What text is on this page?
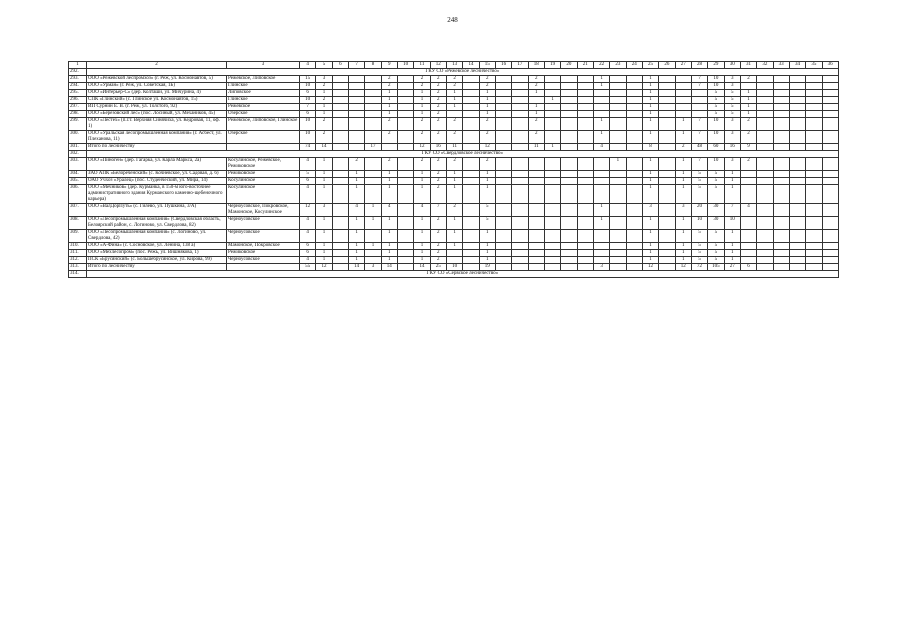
248
1	2	3	4	5	6	7	8	9	10	11	12	13	14	15	16	17	18	19	20	21	22	23	24	25	26	27	28	29	30	31	32	33	34	35	36
292.	ГКУ СО «Режевское лесничество»																																		
293.	ООО «Режевской леспромхоз» (г. Реж, ул. Космонавтов, 5)	Режевское, Липовское	15	3				2		2	2	2		2			2				1			1			7	10	3	2					
294.	ООО «Урман» (г. Реж, ул. Советская, 1Б)	Глинское	10	2				2		2	2	2		2			2				1			1			7	10	3						
295.	ООО «Интерьер-С» (дер. Колташи, ул. Мичурина, 4)	Липовское	6	1				1		1	2	1		1			1							1				5	5	1					
296.	СПК «Глинский» (с. Глинское ул. Космонавтов, 15)	Глинское	10	2				1		1	2	1		1				1						1				5	5	1					
297.	ИП Сурнин Е. В. (г. Реж, ул. Толстого, 92)	Режевское	7	1				1		1	2	1		1			1							1				5	5	1					
298.	ООО «Березовский лес» (пос. Лосиный, ул. Механиков, 45)	Озерское	6	1				1		1	2			1			1							1				5	5	1					
299.	ООО «Лестех» (п.г.т. Верхняя Синячиха, ул. Кедровая, 11, оф. 1)	Режевское, Липовское, Глинское	10	2				2		2	2	2		2			2				1			1		1	7	10	3	2					
300.	ООО «Уральская лесопромышленная компания» (г. Асбест, ул. Плеханова, 11)	Озерское	10	2				2		2	2	2		2			2				1			1		1	7	10	3	2					
301.	Итого по лесничеству		74	14			17			12	16	11		12			11	1			4			8		2	48	60	16	9					
302.	ГКУ СО «Свердловское лесничество»																																		
303.	ООО «Пиноген» (дер. Гагарка, ул. Карла Маркса, 2а)	Косулинское, Режевское, Режиковское	4	1		2		2		2	2	2		2								1		1		1	7	10	3	2					
304.	ЗАО АПК «Белореченский» (с. Кочневское, ул. Садовая, д. 6)	Режиковское	5	1		1		1		1	2	1		1										1		1	5	5	1						
305.	ОАО Учхоз «Уралец» (пос. Студенческий, ул. Мира, 14)	Косулинское	6	1		1		1		1	2	1		1										1		1	5	5	1						
306.	ООО «Мечников» (дер. Курманка, в 150-м юго-восточнее административного здания Курманского каменно-щебеночного карьера)	Косулинское	4	1		1		1		1	2	1		1										1		1	5	5	1						
307.	ООО «ВалДорПуть» (с. Гилёво, ул. Пушкина, 3/А)	Черноусовское, Покровское, Мамонское, Косулинское	12	3		4	1	4		4	7	2		5							1			3		3	20	30	7	4					
308.	ООО «Лесопромышленная компания» (Свердловская область, Белоярский район, с. Логиново, ул. Свердлова, 82)	Черноусовское	4	1		1	1	1		1	2	1		5							1			1		1	10	30	10						
309.	ООО «Лесопромышленная компания» (с. Логиново, ул. Свердлова, 42)	Черноусовское	4	1		1		1		1	2	1		1										1		1	5	5	1						
310.	ООО «А-Фина» (с. Сосновское, ул. Ленина, 138 а)	Мамонское, Покровское	6	1		1	1	1		1	2	1		1										1		1	5	5	1						
311.	ООО «Мехлесопром» (пос. Режь, ул. Вишнякова, 1)	Режиковское	6	1		1		1		1	2			1										1		1	5	5	1						
312.	ПСК «Брусянский» (с. Большебрусянское, ул. Кирова, 99)	Черноусовское	4	1		1		1		1	2			1										1		1	5	5	1						
313.	Итого по лесничеству		55	12		14	3	14		14	25	10		19							3			12		12	72	105	27	6					
314.	ГКУ СО «Сервское лесничество»																																		
